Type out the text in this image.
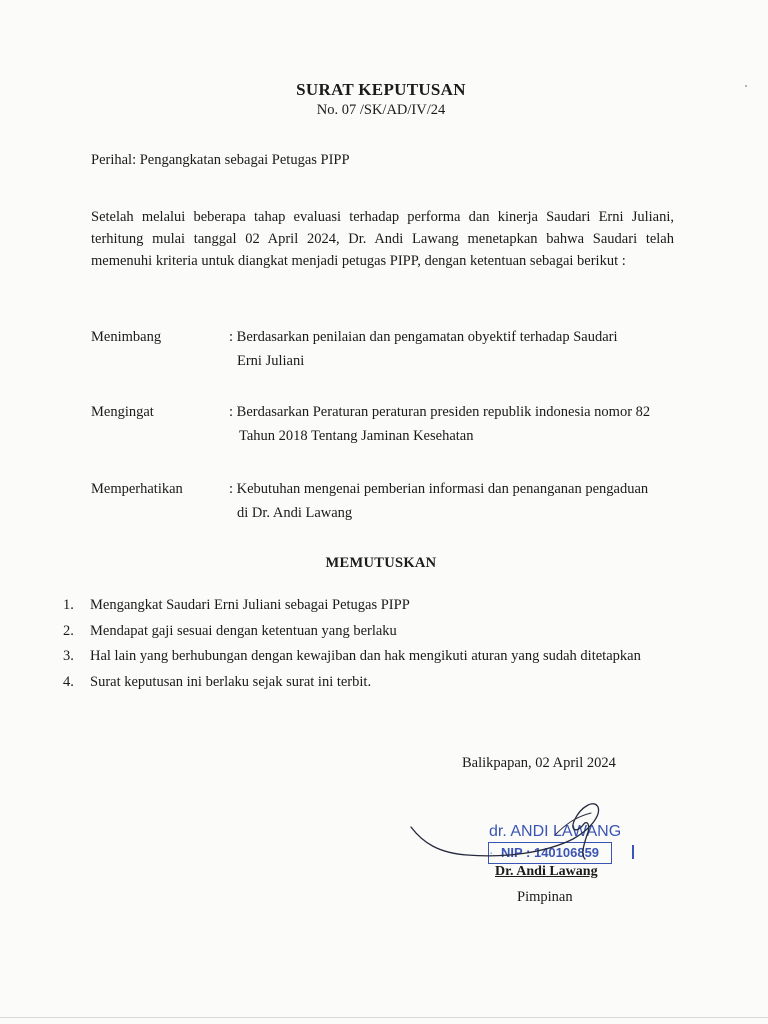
SURAT KEPUTUSAN
No. 07 /SK/AD/IV/24
Perihal: Pengangkatan sebagai Petugas PIPP
Setelah melalui beberapa tahap evaluasi terhadap performa dan kinerja Saudari Erni Juliani, terhitung mulai tanggal 02 April 2024, Dr. Andi Lawang menetapkan bahwa Saudari telah memenuhi kriteria untuk diangkat menjadi petugas PIPP, dengan ketentuan sebagai berikut :
Menimbang	: Berdasarkan penilaian dan pengamatan obyektif terhadap Saudari
Erni Juliani
Mengingat	: Berdasarkan Peraturan peraturan presiden republik indonesia nomor 82
Tahun 2018 Tentang Jaminan Kesehatan
Memperhatikan	: Kebutuhan mengenai pemberian informasi dan penanganan pengaduan
di Dr. Andi Lawang
MEMUTUSKAN
1. Mengangkat Saudari Erni Juliani sebagai Petugas PIPP
2. Mendapat gaji sesuai dengan ketentuan yang berlaku
3. Hal lain yang berhubungan dengan kewajiban dan hak mengikuti aturan yang sudah ditetapkan
4. Surat keputusan ini berlaku sejak surat ini terbit.
Balikpapan, 02 April 2024
dr. ANDI LAWANG . NIP : 140106859
Dr. Andi Lawang
Pimpinan
